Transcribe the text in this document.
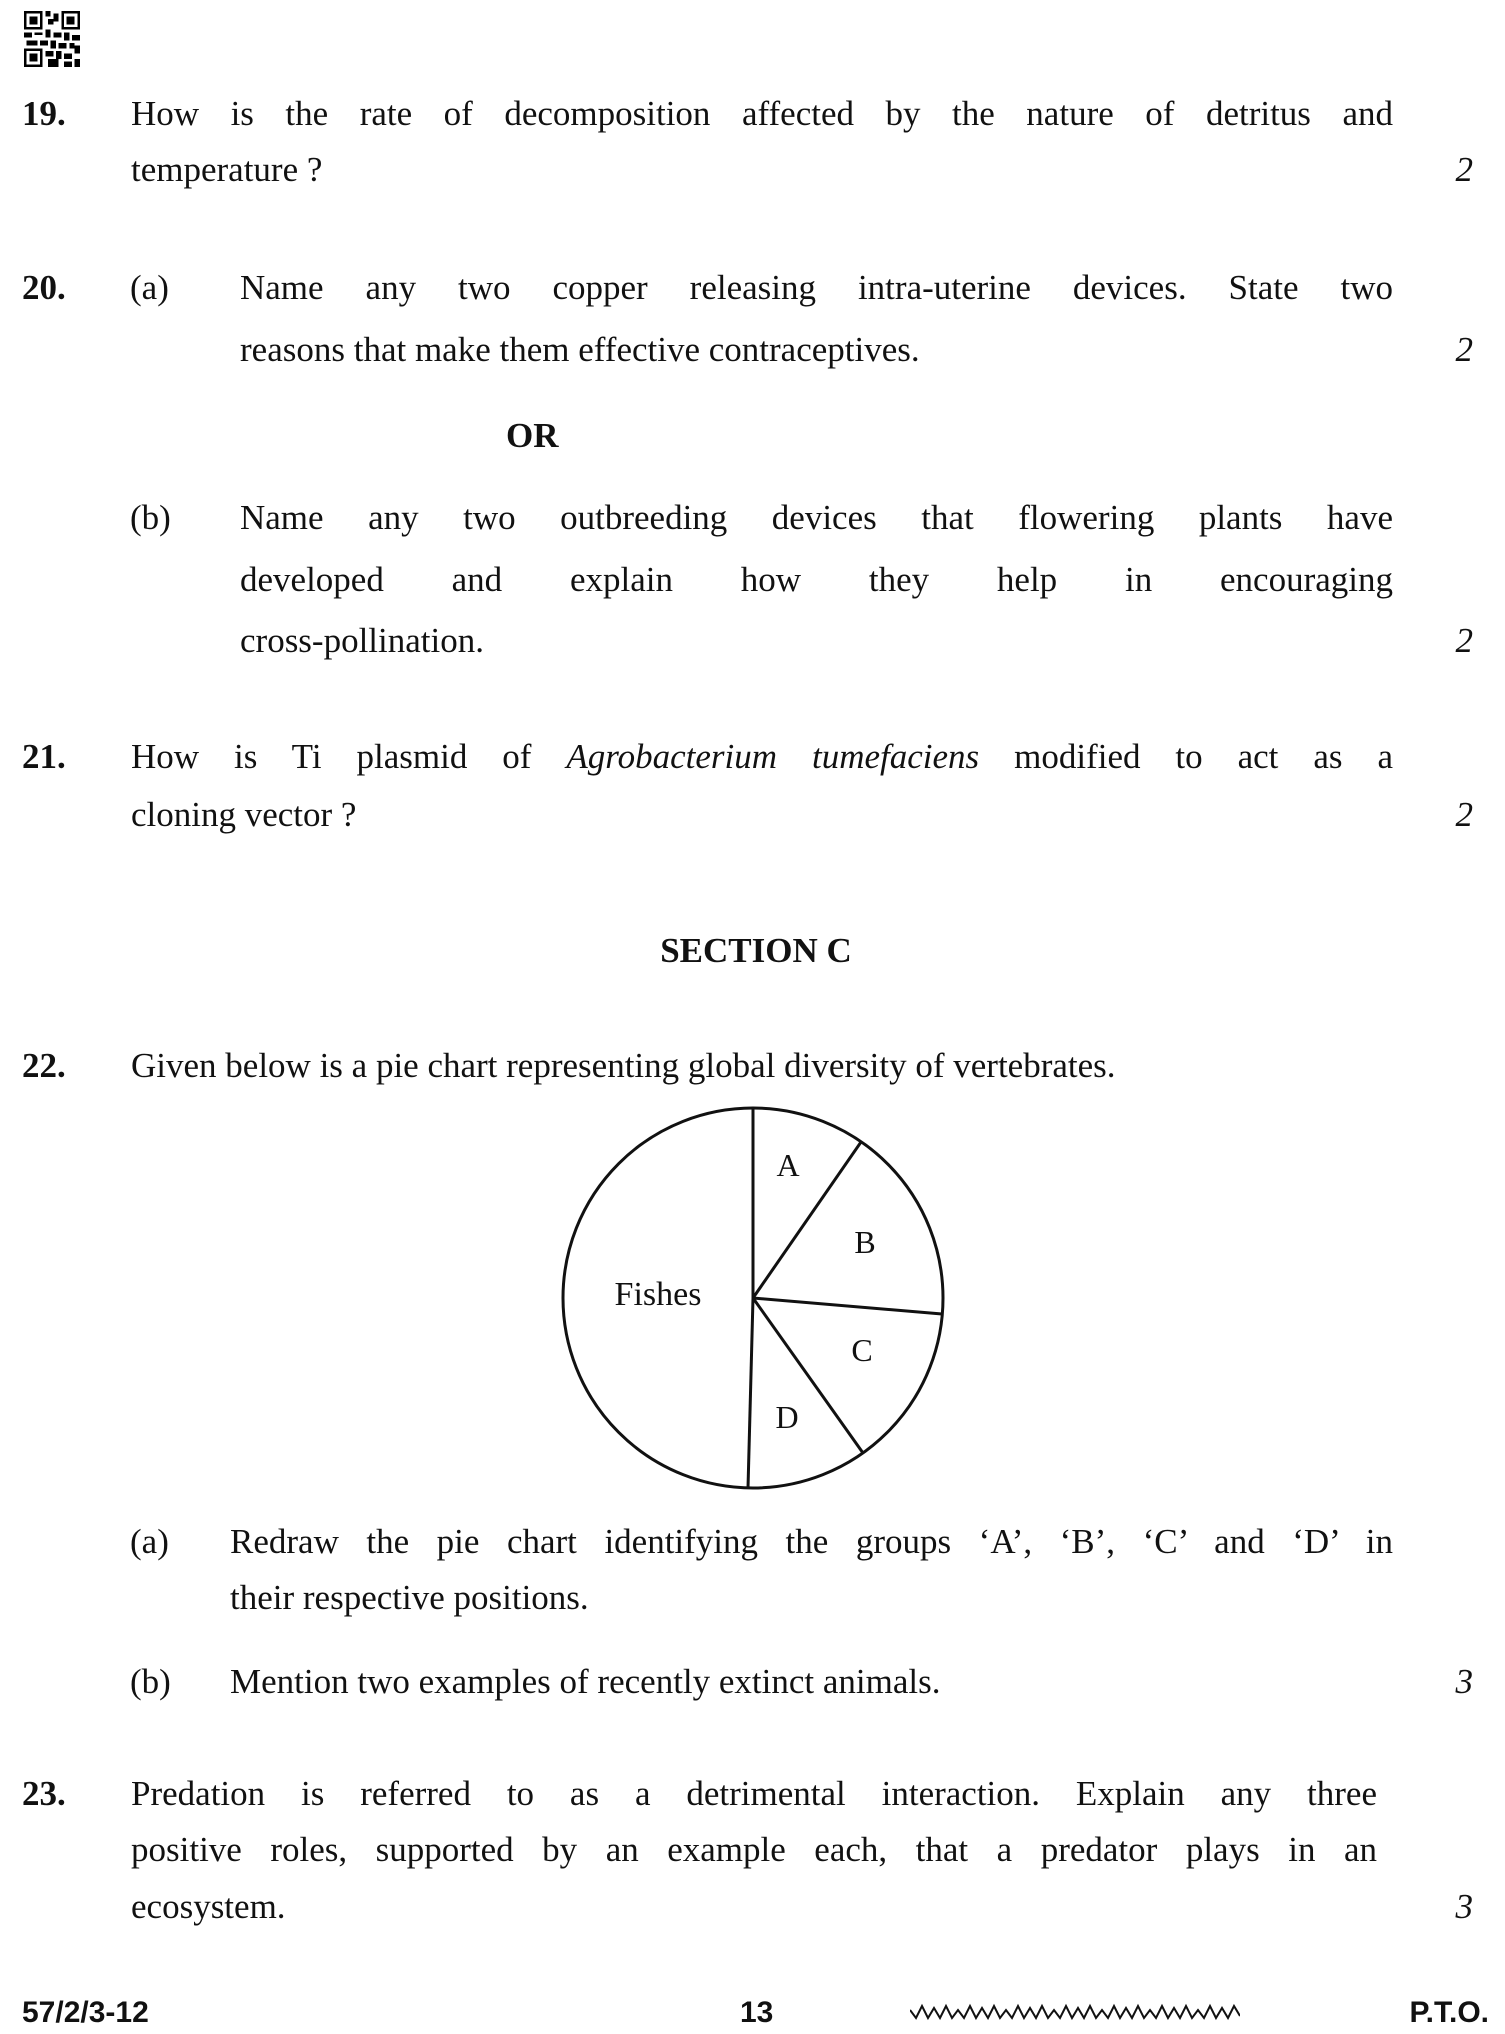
19. How is the rate of decomposition affected by the nature of detritus and
temperature ?	2
20. (a) Name any two copper releasing intra-uterine devices. State two
reasons that make them effective contraceptives.	2
OR
(b) Name any two outbreeding devices that flowering plants have
developed and explain how they help in encouraging
cross-pollination.	2
21. How is Ti plasmid of Agrobacterium tumefaciens modified to act as a
cloning vector ?	2
SECTION C
22. Given below is a pie chart representing global diversity of vertebrates.
Fishes
A
B
C
D
(a) Redraw the pie chart identifying the groups ‘A’, ‘B’, ‘C’ and ‘D’ in
their respective positions.
(b) Mention two examples of recently extinct animals.	3
23. Predation is referred to as a detrimental interaction. Explain any three
positive roles, supported by an example each, that a predator plays in an
ecosystem.	3
57/2/3-12	13	P.T.O.
